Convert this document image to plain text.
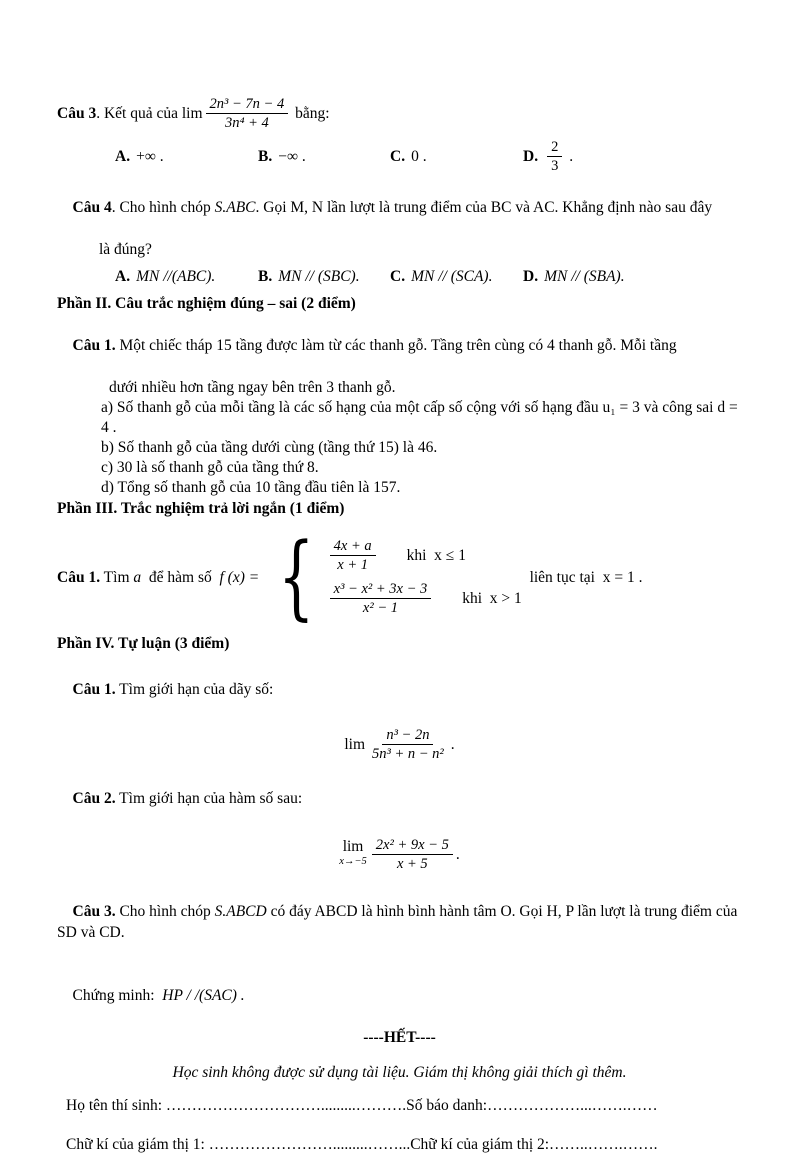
Câu 3 . Kết quả của $\lim \frac{\text{2n³ − 7n − 4}}{\text{3n⁴ + 4}}$ bằng:
A. +∞ .	B. −∞ .	C. 0 .	D. $\frac{2}{3}$ .

Câu 4. Cho hình chóp S.ABC. Gọi M, N lần lượt là trung điểm của BC và AC. Khẳng định nào sau đây

là đúng?
A. MN //(ABC).	B. MN // (SBC). C. MN // (SCA). D. MN // (SBA).
Phần II. Câu trắc nghiệm đúng – sai (2 điểm)

Câu 1. Một chiếc tháp 15 tầng được làm từ các thanh gỗ. Tầng trên cùng có 4 thanh gỗ. Mỗi tầng

dưới nhiều hơn tầng ngay bên trên 3 thanh gỗ.
a) Số thanh gỗ của mỗi tầng là các số hạng của một cấp số cộng với số hạng đầu u₁ = 3 và công sai d = 4 .
b) Số thanh gỗ của tầng dưới cùng (tầng thứ 15) là 46.
c) 30 là số thanh gỗ của tầng thứ 8.
d) Tổng số thanh gỗ của 10 tầng đầu tiên là 157.
Phần III. Trắc nghiệm trả lời ngắn (1 điểm)
Câu 1. Tìm a để hàm số f (x) = { $\frac{4x + a}{x + 1}$ khi  x ≤ 1
$\frac{\text{x³ − x² + 3x − 3}}{\text{x² − 1}}$ khi  x > 1
liên tục tại  x = 1 .
Phần IV. Tự luận (3 điểm)

Câu 1. Tìm giới hạn của dãy số:

$\lim \frac{\text{n³ − 2n}}{\text{5n³ + n − n²}}$ .

Câu 2. Tìm giới hạn của hàm số sau:

lim
$x\to-5 \frac{\text{2x² + 9x − 5}}{x + 5}$ .

Câu 3. Cho hình chóp S.ABCD có đáy ABCD là hình bình hành tâm O. Gọi H, P lần lượt là trung điểm của SD và CD.

Chứng minh:  HP / /(SAC) .

----HẾT----
Học sinh không được sử dụng tài liệu. Giám thị không giải thích gì thêm.
Họ tên thí sinh: ………………………….........……….Số báo danh:………………...…….……
Chữ kí của giám thị 1: …………………….........……...Chữ kí của giám thị 2:……..…….…….
